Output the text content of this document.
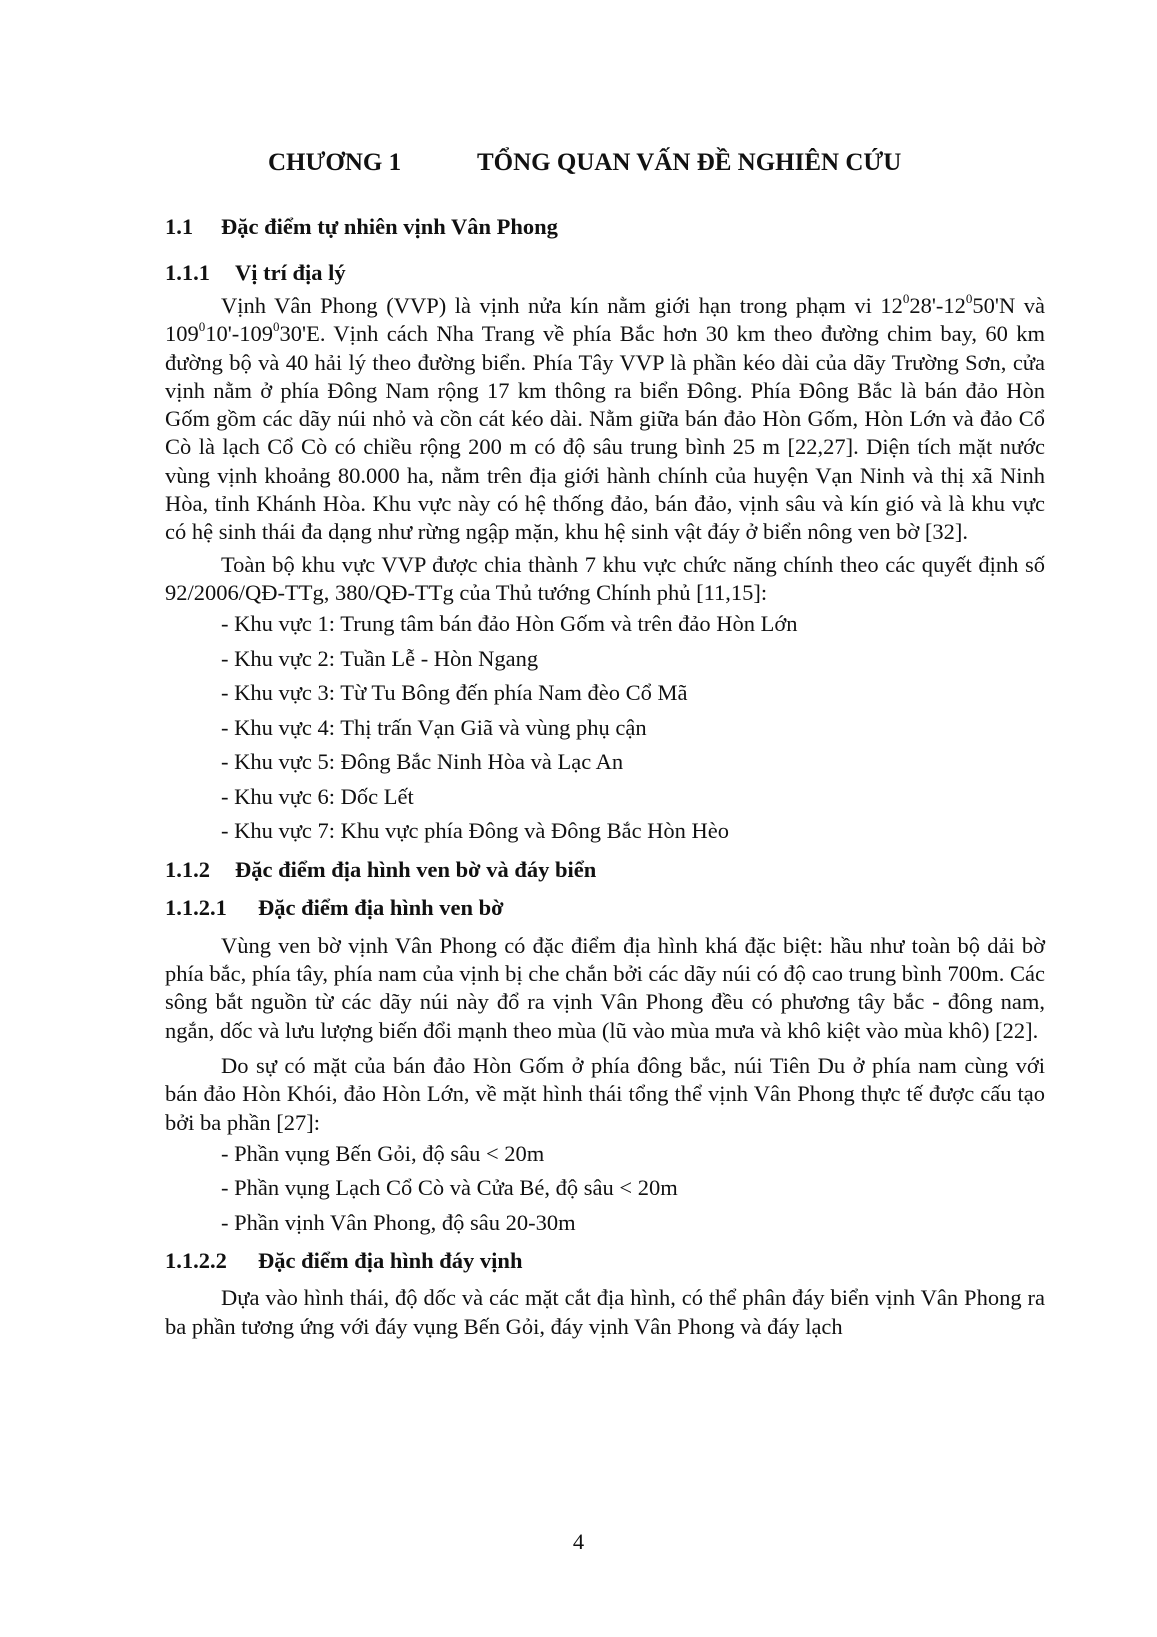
CHƯƠNG 1	TỔNG QUAN VẤN ĐỀ NGHIÊN CỨU

1.1 Đặc điểm tự nhiên vịnh Vân Phong

1.1.1 Vị trí địa lý

Vịnh Vân Phong (VVP) là vịnh nửa kín nằm giới hạn trong phạm vi $12^028'-12^050'N$ và $109^010'-109^030'E$. Vịnh cách Nha Trang về phía Bắc hơn 30 km theo đường chim bay, 60 km đường bộ và 40 hải lý theo đường biển. Phía Tây VVP là phần kéo dài của dãy Trường Sơn, cửa vịnh nằm ở phía Đông Nam rộng 17 km thông ra biển Đông. Phía Đông Bắc là bán đảo Hòn Gốm gồm các dãy núi nhỏ và cồn cát kéo dài. Nằm giữa bán đảo Hòn Gốm, Hòn Lớn và đảo Cổ Cò là lạch Cổ Cò có chiều rộng 200 m có độ sâu trung bình 25 m [22,27]. Diện tích mặt nước vùng vịnh khoảng 80.000 ha, nằm trên địa giới hành chính của huyện Vạn Ninh và thị xã Ninh Hòa, tỉnh Khánh Hòa. Khu vực này có hệ thống đảo, bán đảo, vịnh sâu và kín gió và là khu vực có hệ sinh thái đa dạng như rừng ngập mặn, khu hệ sinh vật đáy ở biển nông ven bờ [32].

Toàn bộ khu vực VVP được chia thành 7 khu vực chức năng chính theo các quyết định số 92/2006/QĐ-TTg, 380/QĐ-TTg của Thủ tướng Chính phủ [11,15]:

- Khu vực 1: Trung tâm bán đảo Hòn Gốm và trên đảo Hòn Lớn
- Khu vực 2: Tuần Lễ - Hòn Ngang
- Khu vực 3: Từ Tu Bông đến phía Nam đèo Cổ Mã
- Khu vực 4: Thị trấn Vạn Giã và vùng phụ cận
- Khu vực 5: Đông Bắc Ninh Hòa và Lạc An
- Khu vực 6: Dốc Lết
- Khu vực 7: Khu vực phía Đông và Đông Bắc Hòn Hèo

1.1.2 Đặc điểm địa hình ven bờ và đáy biển

1.1.2.1 Đặc điểm địa hình ven bờ

Vùng ven bờ vịnh Vân Phong có đặc điểm địa hình khá đặc biệt: hầu như toàn bộ dải bờ phía bắc, phía tây, phía nam của vịnh bị che chắn bởi các dãy núi có độ cao trung bình 700m. Các sông bắt nguồn từ các dãy núi này đổ ra vịnh Vân Phong đều có phương tây bắc - đông nam, ngắn, dốc và lưu lượng biến đổi mạnh theo mùa (lũ vào mùa mưa và khô kiệt vào mùa khô) [22].

Do sự có mặt của bán đảo Hòn Gốm ở phía đông bắc, núi Tiên Du ở phía nam cùng với bán đảo Hòn Khói, đảo Hòn Lớn, về mặt hình thái tổng thể vịnh Vân Phong thực tế được cấu tạo bởi ba phần [27]:

- Phần vụng Bến Gỏi, độ sâu < 20m
- Phần vụng Lạch Cổ Cò và Cửa Bé, độ sâu < 20m
- Phần vịnh Vân Phong, độ sâu 20-30m

1.1.2.2 Đặc điểm địa hình đáy vịnh

Dựa vào hình thái, độ dốc và các mặt cắt địa hình, có thể phân đáy biển vịnh Vân Phong ra ba phần tương ứng với đáy vụng Bến Gỏi, đáy vịnh Vân Phong và đáy lạch

4
